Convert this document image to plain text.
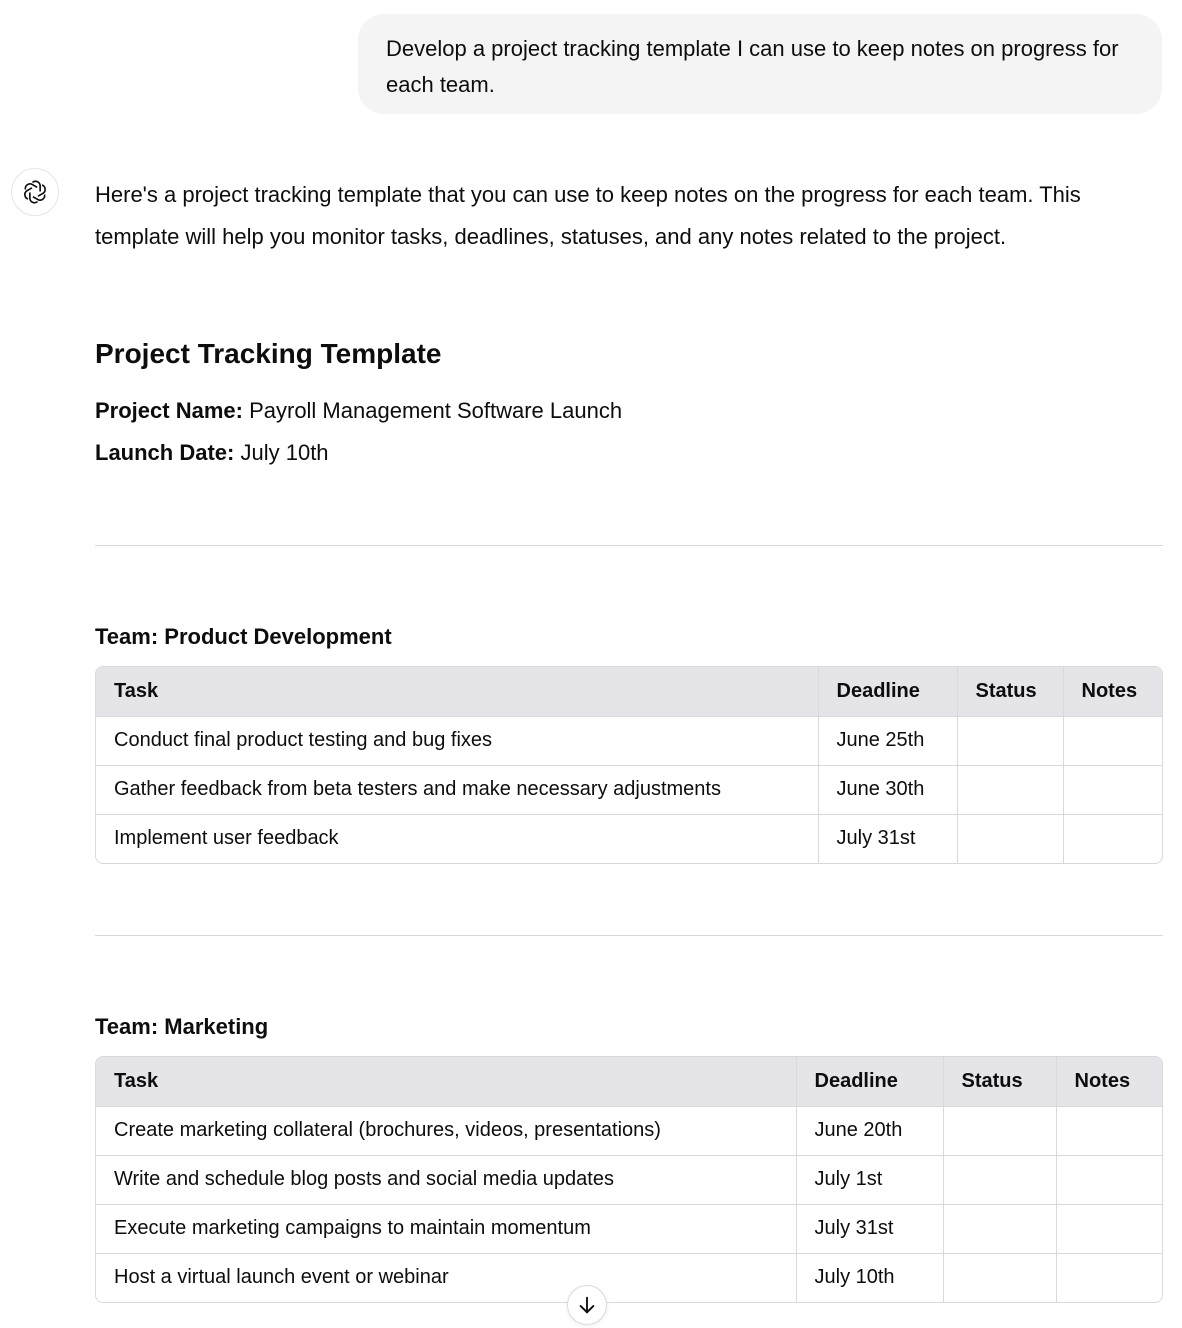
Develop a project tracking template I can use to keep notes on progress for each team.

Here's a project tracking template that you can use to keep notes on the progress for each team. This template will help you monitor tasks, deadlines, statuses, and any notes related to the project.

Project Tracking Template

Project Name: Payroll Management Software Launch

Launch Date: July 10th

Team: Product Development
Task	Deadline	Status	Notes
Conduct final product testing and bug fixes	June 25th		
Gather feedback from beta testers and make necessary adjustments	June 30th		
Implement user feedback	July 31st		
Team: Marketing
Task	Deadline	Status	Notes
Create marketing collateral (brochures, videos, presentations)	June 20th		
Write and schedule blog posts and social media updates	July 1st		
Execute marketing campaigns to maintain momentum	July 31st		
Host a virtual launch event or webinar	July 10th		
